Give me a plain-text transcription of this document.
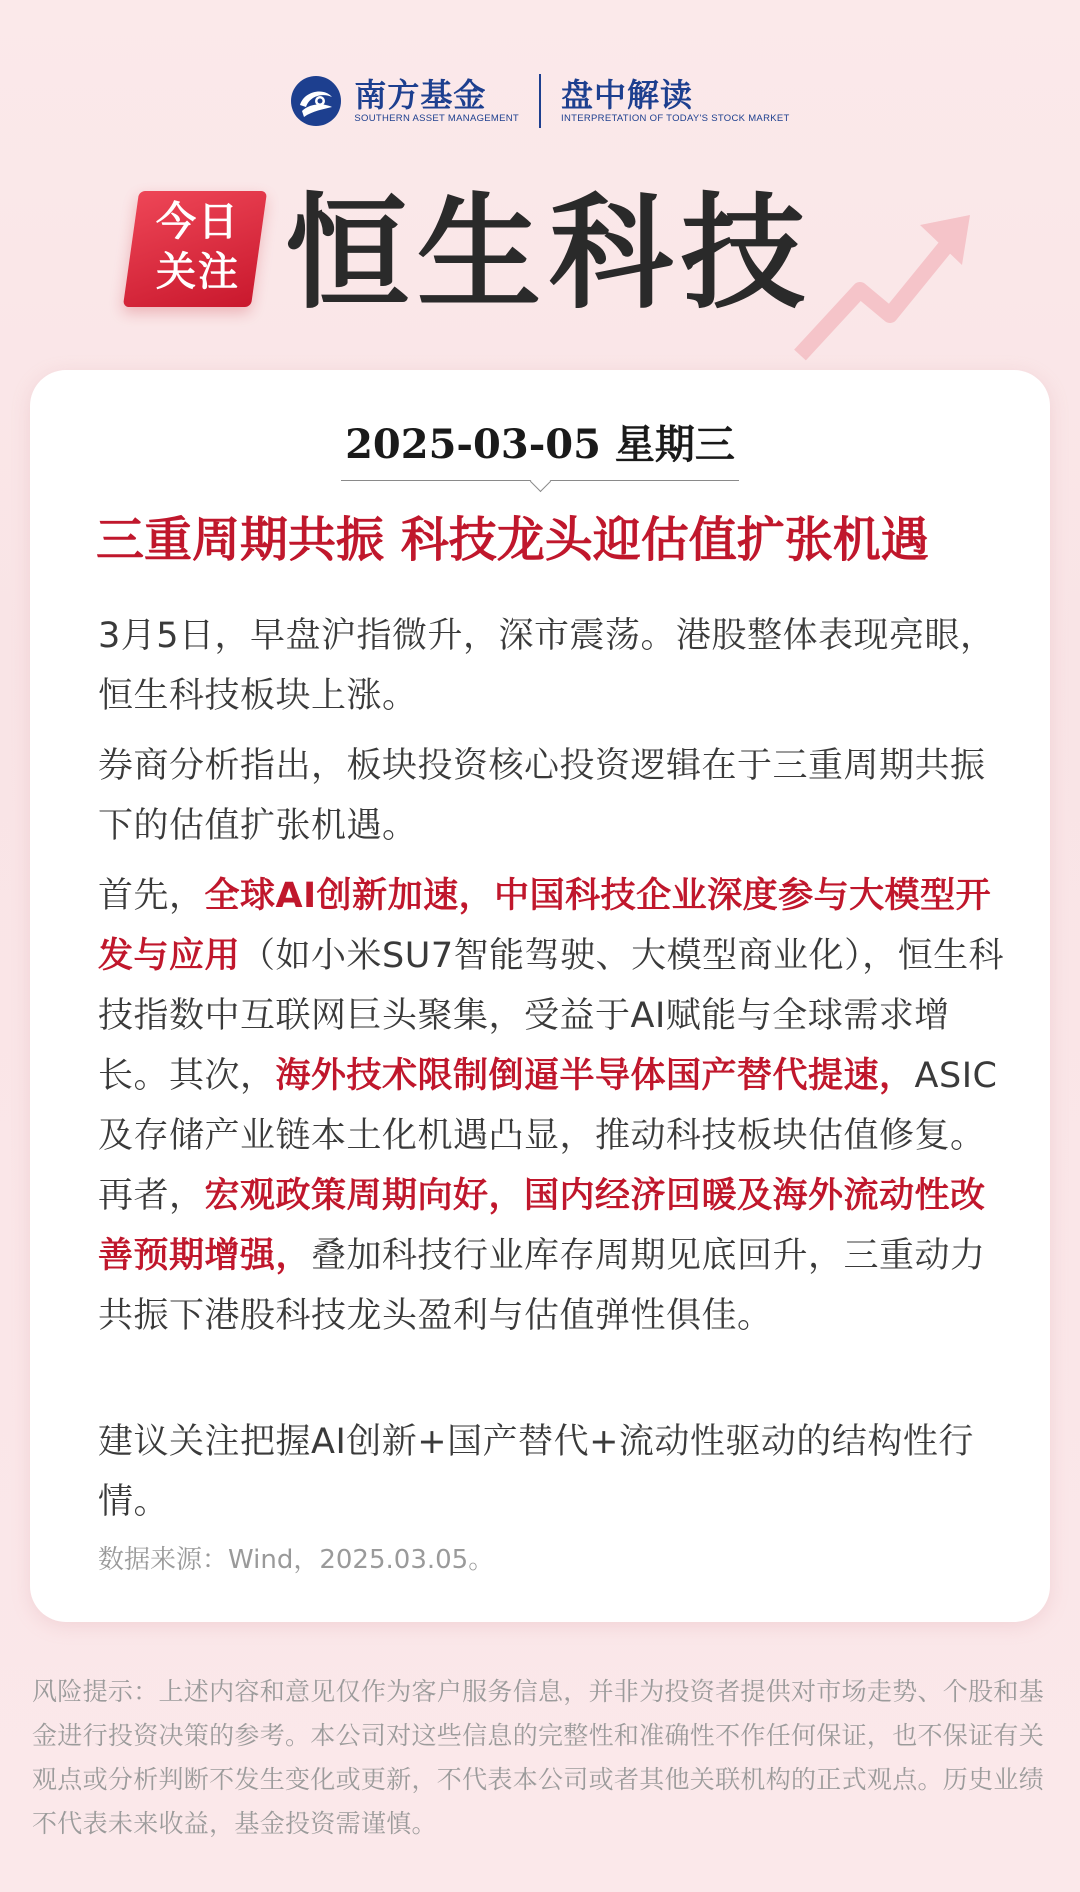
南方基金
SOUTHERN ASSET MANAGEMENT
盘中解读
INTERPRETATION OF TODAY'S STOCK MARKET
今日
关注 恒生科技
2025-03-05 星期三
三重周期共振 科技龙头迎估值扩张机遇
3月5日，早盘沪指微升，深市震荡。港股整体表现亮眼，恒生科技板块上涨。
券商分析指出，板块投资核心投资逻辑在于三重周期共振下的估值扩张机遇。
首先，全球AI创新加速，中国科技企业深度参与大模型开发与应用（如小米SU7智能驾驶、大模型商业化），恒生科技指数中互联网巨头聚集，受益于AI赋能与全球需求增长。其次，海外技术限制倒逼半导体国产替代提速，ASIC及存储产业链本土化机遇凸显，推动科技板块估值修复。再者，宏观政策周期向好，国内经济回暖及海外流动性改善预期增强，叠加科技行业库存周期见底回升，三重动力共振下港股科技龙头盈利与估值弹性俱佳。
建议关注把握AI创新+国产替代+流动性驱动的结构性行情。
数据来源：Wind，2025.03.05。
风险提示：上述内容和意见仅作为客户服务信息，并非为投资者提供对市场走势、个股和基金进行投资决策的参考。本公司对这些信息的完整性和准确性不作任何保证，也不保证有关观点或分析判断不发生变化或更新，不代表本公司或者其他关联机构的正式观点。历史业绩不代表未来收益，基金投资需谨慎。
